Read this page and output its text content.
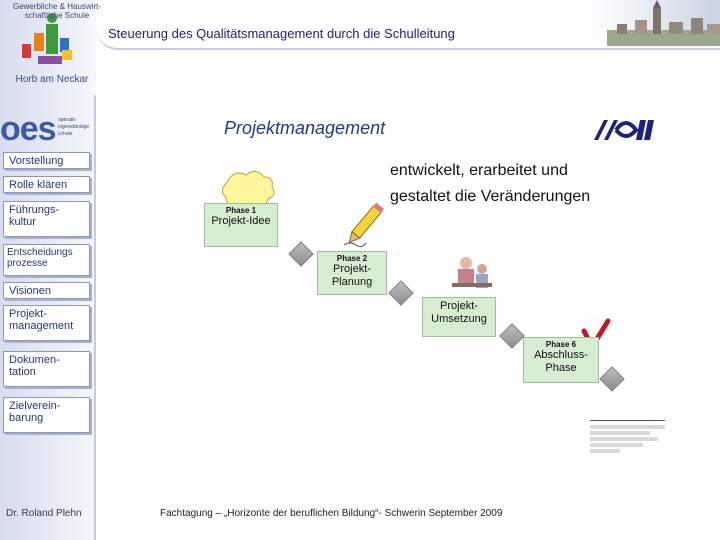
Gewerbliche & Hauswirt-schaftliche Schule
Horb am Neckar
oes operativ eigenständige schule
Vorstellung
Rolle klären
Führungs-kultur
Entscheidungs prozesse
Visionen
Projekt-management
Dokumen-tation
Zielverein-barung
Steuerung des Qualitätsmanagement durch die Schulleitung
Projektmanagement
entwickelt, erarbeitet und
gestaltet die Veränderungen
Phase 1
Projekt-Idee
Phase 2
Projekt-Planung
Projekt-Umsetzung
Phase 6
Abschluss-Phase
Dr. Roland Plehn	Fachtagung – „Horizonte der beruflichen Bildung“- Schwerin September 2009
